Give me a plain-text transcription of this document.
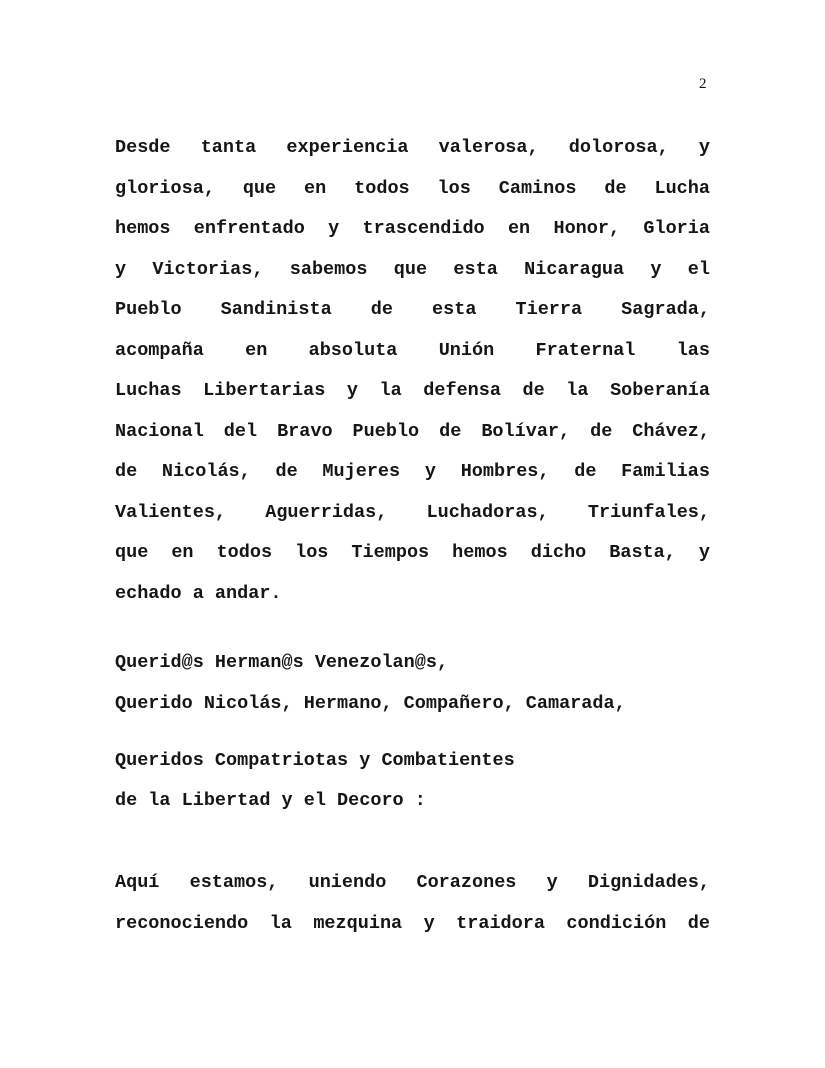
2
Desde tanta experiencia valerosa, dolorosa, y
gloriosa, que en todos los Caminos de Lucha
hemos enfrentado y trascendido en Honor, Gloria
y Victorias, sabemos que esta Nicaragua y el
Pueblo Sandinista de esta Tierra Sagrada,
acompaña en absoluta Unión Fraternal las
Luchas Libertarias y la defensa de la Soberanía
Nacional del Bravo Pueblo de Bolívar, de Chávez,
de Nicolás, de Mujeres y Hombres, de Familias
Valientes, Aguerridas, Luchadoras, Triunfales,
que en todos los Tiempos hemos dicho Basta, y
echado a andar.
Querid@s Herman@s Venezolan@s,
Querido Nicolás, Hermano, Compañero, Camarada,
Queridos Compatriotas y Combatientes
de la Libertad y el Decoro :
Aquí estamos, uniendo Corazones y Dignidades,
reconociendo la mezquina y traidora condición de
